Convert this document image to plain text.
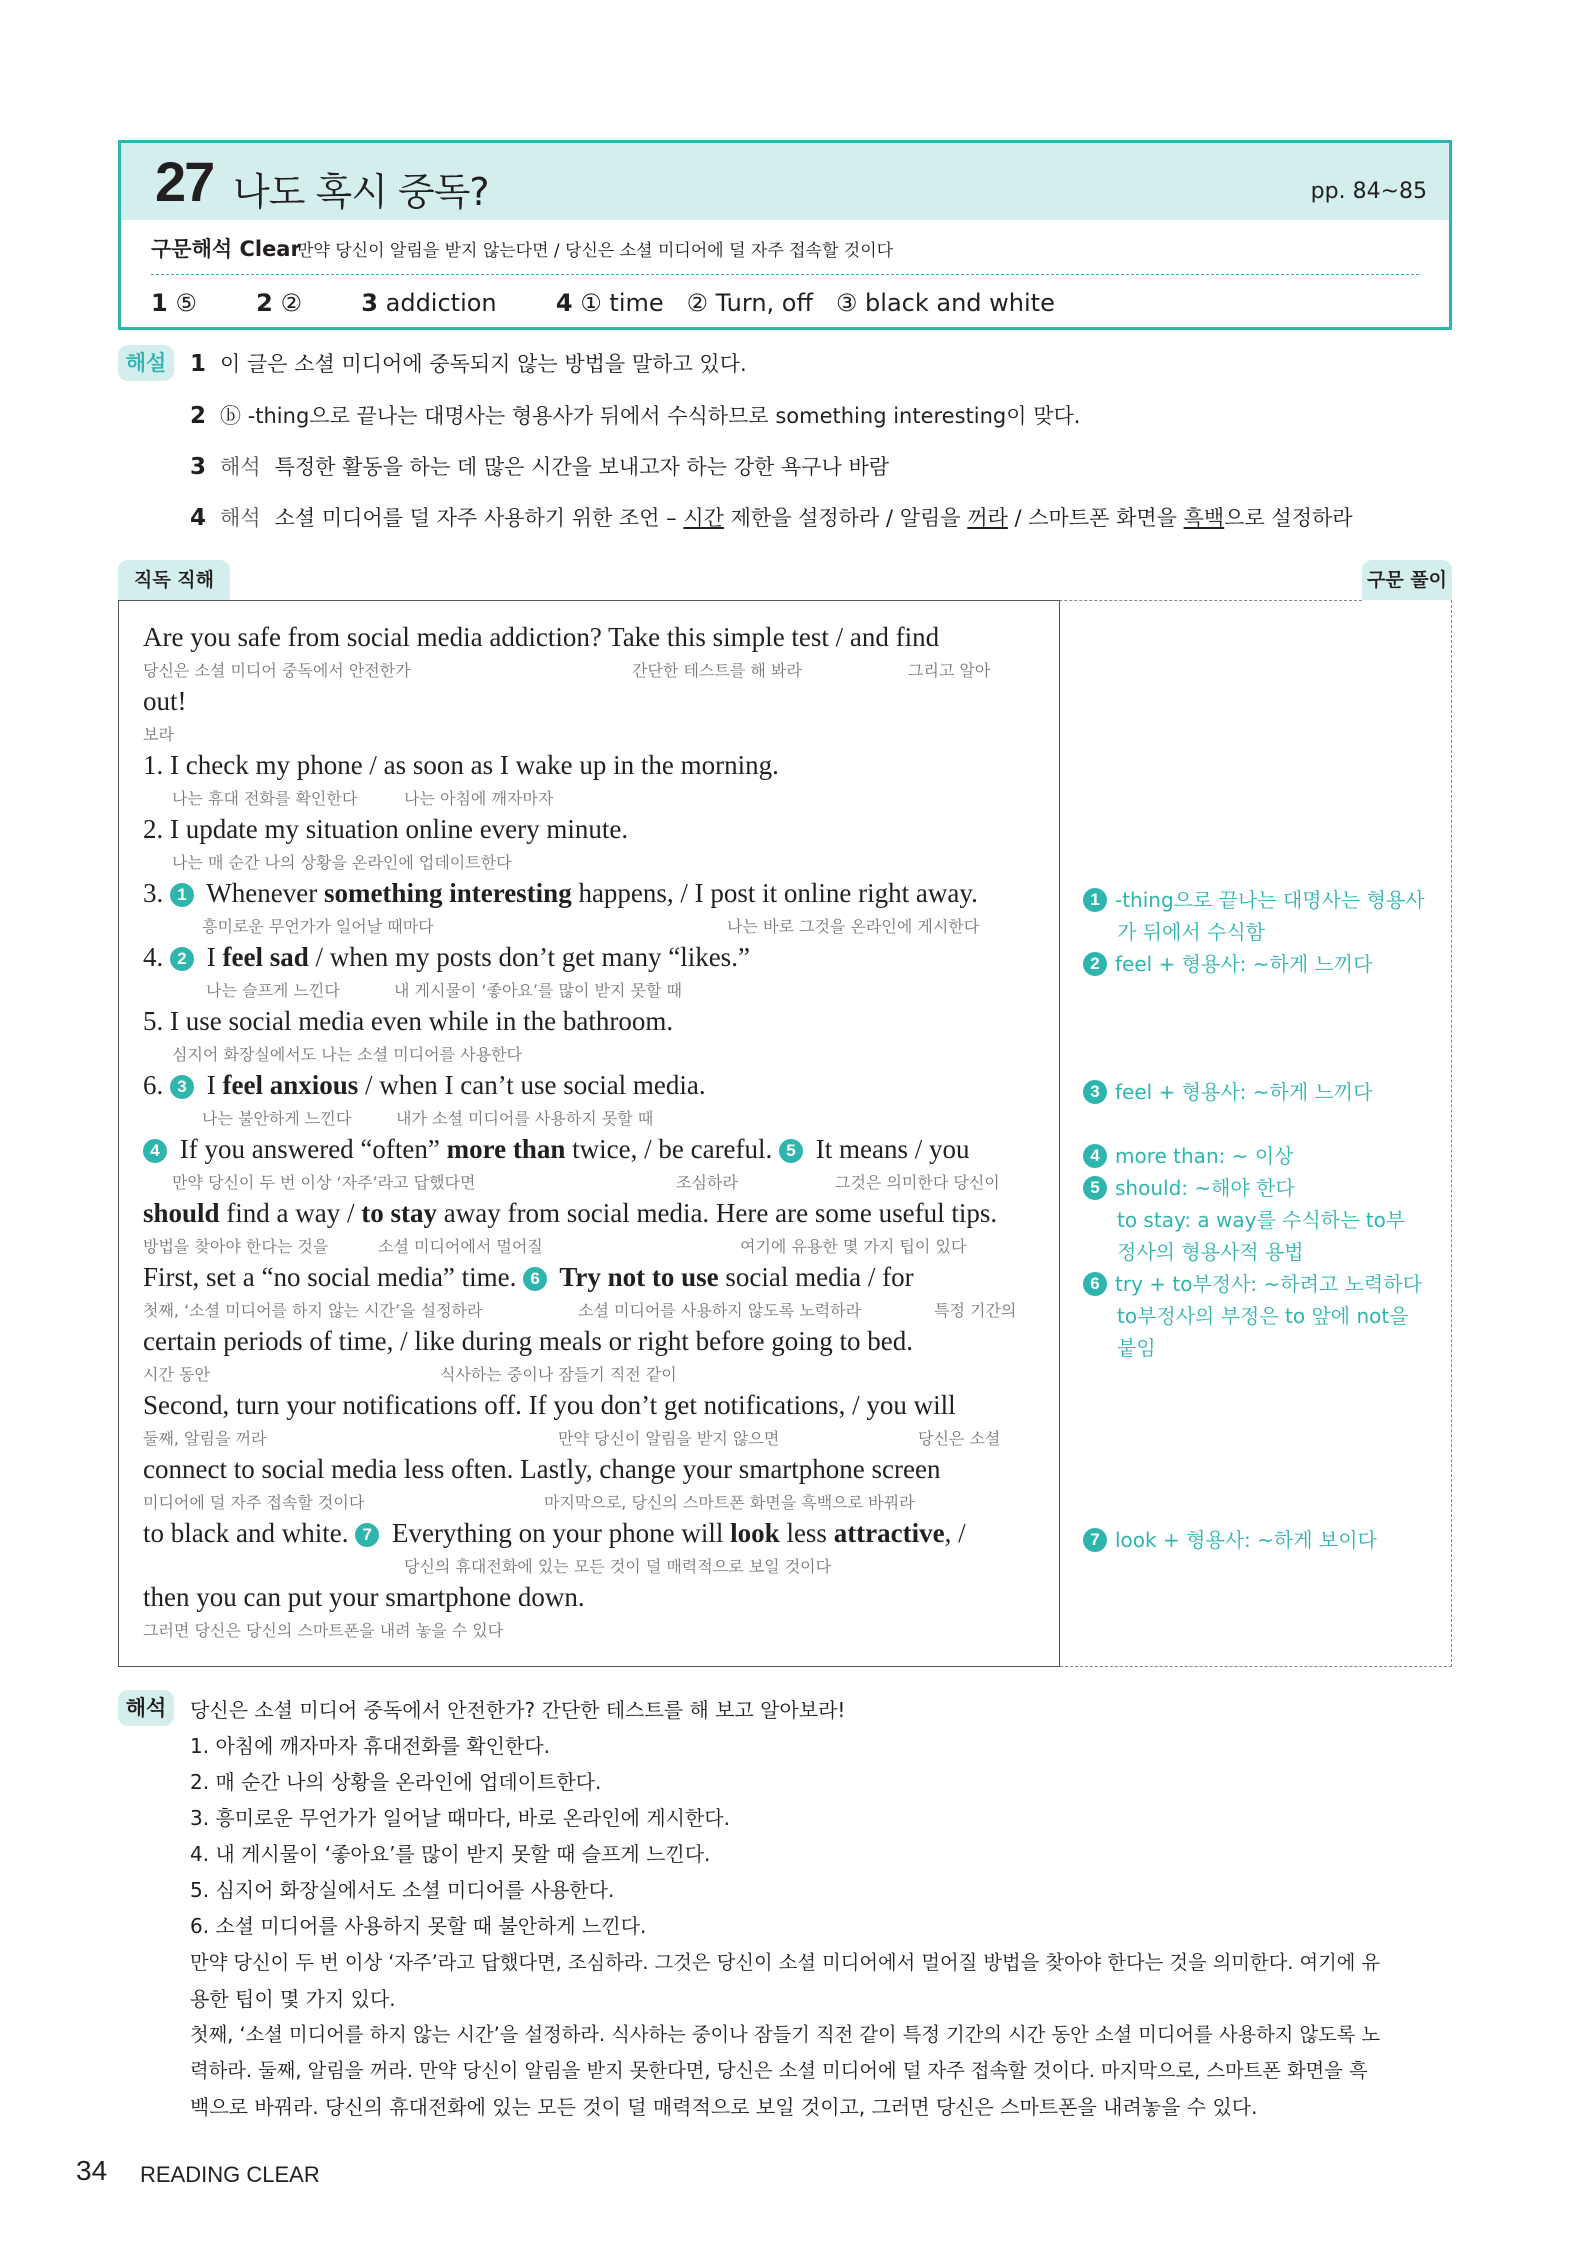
27 나도 혹시 중독?	pp. 84~85
구문해석 Clear
만약 당신이 알림을 받지 않는다면 / 당신은 소셜 미디어에 덜 자주 접속할 것이다
1 ⑤ 2 ② 3 addiction 4 ① time   ② Turn, off   ③ black and white
해설	1 이 글은 소셜 미디어에 중독되지 않는 방법을 말하고 있다.
2 ⓑ -thing으로 끝나는 대명사는 형용사가 뒤에서 수식하므로 something interesting이 맞다.
3 해석 특정한 활동을 하는 데 많은 시간을 보내고자 하는 강한 욕구나 바람
4 해석 소셜 미디어를 덜 자주 사용하기 위한 조언 – 시간 제한을 설정하라 / 알림을 꺼라 / 스마트폰 화면을 흑백으로 설정하라
직독 직해	구문 풀이
Are you safe from social media addiction? Take this simple test / and find
당신은 소셜 미디어 중독에서 안전한가	간단한 테스트를 해 봐라	그리고 알아
out!
보라
1. I check my phone / as soon as I wake up in the morning.
나는 휴대 전화를 확인한다	나는 아침에 깨자마자
2. I update my situation online every minute.
나는 매 순간 나의 상황을 온라인에 업데이트한다
3. 1 Whenever something interesting happens, / I post it online right away.
흥미로운 무언가가 일어날 때마다	나는 바로 그것을 온라인에 게시한다
4. 2 I feel sad / when my posts don’t get many “likes.”
나는 슬프게 느낀다	내 게시물이 ‘좋아요’를 많이 받지 못할 때
5. I use social media even while in the bathroom.
심지어 화장실에서도 나는 소셜 미디어를 사용한다
6. 3 I feel anxious / when I can’t use social media.
나는 불안하게 느낀다	내가 소셜 미디어를 사용하지 못할 때
4 If you answered “often” more than twice, / be careful. 5 It means / you
만약 당신이 두 번 이상 ‘자주’라고 답했다면	조심하라	그것은 의미한다 당신이
should find a way / to stay away from social media. Here are some useful tips.
방법을 찾아야 한다는 것을	소셜 미디어에서 멀어질	여기에 유용한 몇 가지 팁이 있다
First, set a “no social media” time. 6 Try not to use social media / for
첫째, ‘소셜 미디어를 하지 않는 시간’을 설정하라	소셜 미디어를 사용하지 않도록 노력하라	특정 기간의
certain periods of time, / like during meals or right before going to bed.
시간 동안	식사하는 중이나 잠들기 직전 같이
Second, turn your notifications off. If you don’t get notifications, / you will
둘째, 알림을 꺼라	만약 당신이 알림을 받지 않으면	당신은 소셜
connect to social media less often. Lastly, change your smartphone screen
미디어에 덜 자주 접속할 것이다	마지막으로, 당신의 스마트폰 화면을 흑백으로 바꿔라
to black and white. 7 Everything on your phone will look less attractive, /
당신의 휴대전화에 있는 모든 것이 덜 매력적으로 보일 것이다
then you can put your smartphone down.
그러면 당신은 당신의 스마트폰을 내려 놓을 수 있다
1 -thing으로 끝나는 대명사는 형용사
가 뒤에서 수식함
2 feel + 형용사: ~하게 느끼다
3 feel + 형용사: ~하게 느끼다
4 more than: ~ 이상
5 should: ~해야 한다
to stay: a way를 수식하는 to부
정사의 형용사적 용법
6 try + to부정사: ~하려고 노력하다
to부정사의 부정은 to 앞에 not을
붙임
7 look + 형용사: ~하게 보이다
해석	당신은 소셜 미디어 중독에서 안전한가? 간단한 테스트를 해 보고 알아보라!
1. 아침에 깨자마자 휴대전화를 확인한다.
2. 매 순간 나의 상황을 온라인에 업데이트한다.
3. 흥미로운 무언가가 일어날 때마다, 바로 온라인에 게시한다.
4. 내 게시물이 ‘좋아요’를 많이 받지 못할 때 슬프게 느낀다.
5. 심지어 화장실에서도 소셜 미디어를 사용한다.
6. 소셜 미디어를 사용하지 못할 때 불안하게 느낀다.
만약 당신이 두 번 이상 ‘자주’라고 답했다면, 조심하라. 그것은 당신이 소셜 미디어에서 멀어질 방법을 찾아야 한다는 것을 의미한다. 여기에 유
용한 팁이 몇 가지 있다.
첫째, ‘소셜 미디어를 하지 않는 시간’을 설정하라. 식사하는 중이나 잠들기 직전 같이 특정 기간의 시간 동안 소셜 미디어를 사용하지 않도록 노
력하라. 둘째, 알림을 꺼라. 만약 당신이 알림을 받지 못한다면, 당신은 소셜 미디어에 덜 자주 접속할 것이다. 마지막으로, 스마트폰 화면을 흑
백으로 바꿔라. 당신의 휴대전화에 있는 모든 것이 덜 매력적으로 보일 것이고, 그러면 당신은 스마트폰을 내려놓을 수 있다.
34 READING CLEAR
